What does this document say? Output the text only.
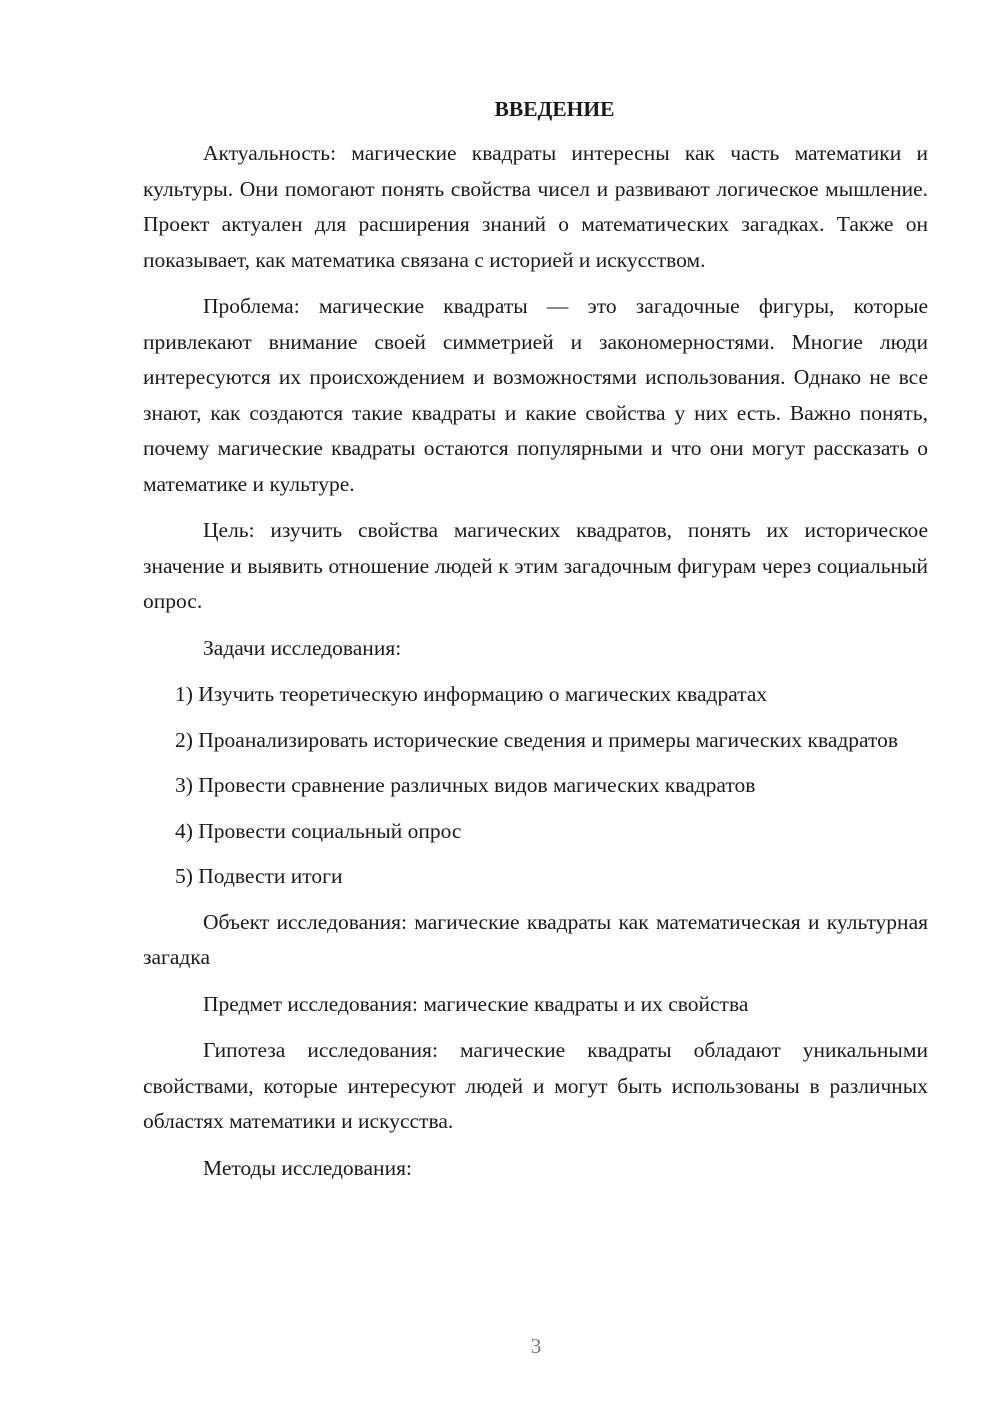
ВВЕДЕНИЕ

Актуальность: магические квадраты интересны как часть математики и культуры. Они помогают понять свойства чисел и развивают логическое мышление. Проект актуален для расширения знаний о математических загадках. Также он показывает, как математика связана с историей и искусством.

Проблема: магические квадраты — это загадочные фигуры, которые привлекают внимание своей симметрией и закономерностями. Многие люди интересуются их происхождением и возможностями использования. Однако не все знают, как создаются такие квадраты и какие свойства у них есть. Важно понять, почему магические квадраты остаются популярными и что они могут рассказать о математике и культуре.

Цель: изучить свойства магических квадратов, понять их историческое значение и выявить отношение людей к этим загадочным фигурам через социальный опрос.

Задачи исследования:

1) Изучить теоретическую информацию о магических квадратах

2) Проанализировать исторические сведения и примеры магических квадратов

3) Провести сравнение различных видов магических квадратов

4) Провести социальный опрос

5) Подвести итоги

Объект исследования: магические квадраты как математическая и культурная загадка

Предмет исследования: магические квадраты и их свойства

Гипотеза исследования: магические квадраты обладают уникальными свойствами, которые интересуют людей и могут быть использованы в различных областях математики и искусства.

Методы исследования:

3
